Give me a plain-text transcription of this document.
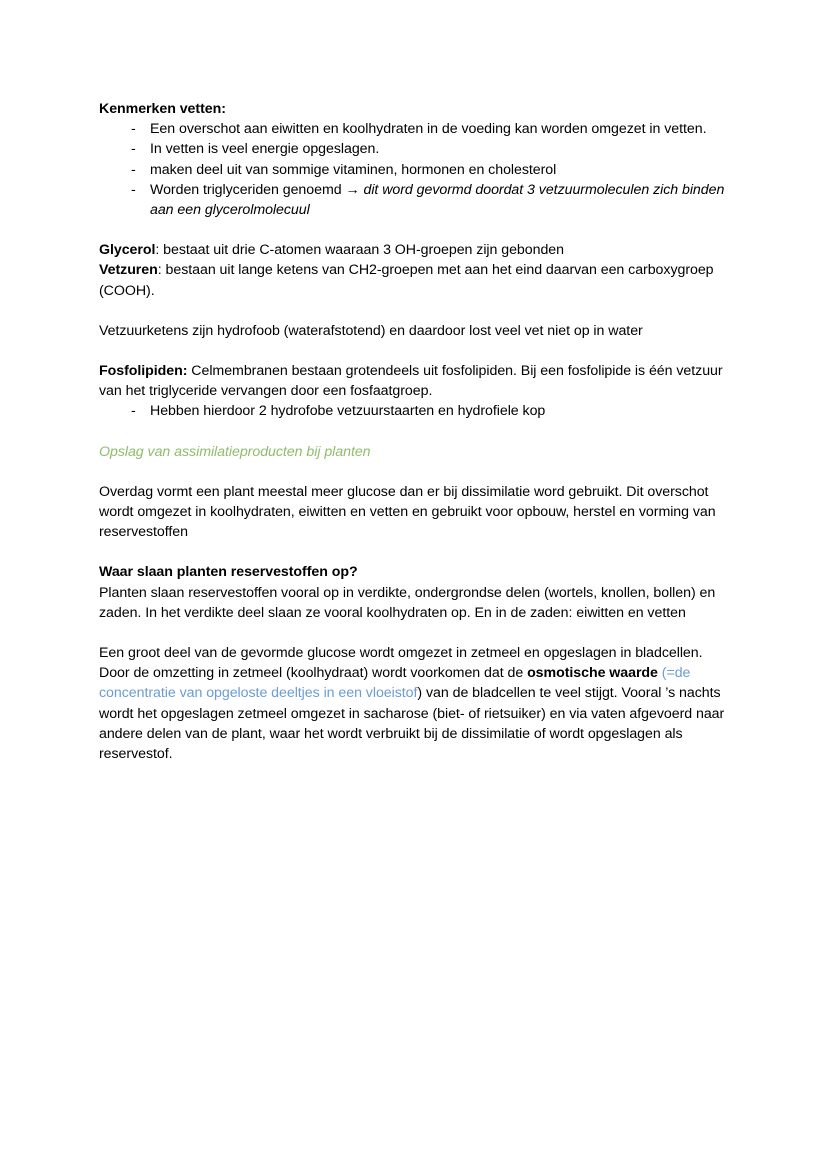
Kenmerken vetten:

-	Een overschot aan eiwitten en koolhydraten in de voeding kan worden omgezet in vetten.
-	In vetten is veel energie opgeslagen.
-	maken deel uit van sommige vitaminen, hormonen en cholesterol
-	Worden triglyceriden genoemd → dit word gevormd doordat 3 vetzuurmoleculen zich binden aan een glycerolmolecuul

Glycerol: bestaat uit drie C-atomen waaraan 3 OH-groepen zijn gebonden

Vetzuren: bestaan uit lange ketens van CH2-groepen met aan het eind daarvan een carboxygroep (COOH).

Vetzuurketens zijn hydrofoob (waterafstotend) en daardoor lost veel vet niet op in water

Fosfolipiden: Celmembranen bestaan grotendeels uit fosfolipiden. Bij een fosfolipide is één vetzuur van het triglyceride vervangen door een fosfaatgroep.

-	Hebben hierdoor 2 hydrofobe vetzuurstaarten en hydrofiele kop

Opslag van assimilatieproducten bij planten

Overdag vormt een plant meestal meer glucose dan er bij dissimilatie word gebruikt. Dit overschot wordt omgezet in koolhydraten, eiwitten en vetten en gebruikt voor opbouw, herstel en vorming van reservestoffen

Waar slaan planten reservestoffen op?

Planten slaan reservestoffen vooral op in verdikte, ondergrondse delen (wortels, knollen, bollen) en zaden. In het verdikte deel slaan ze vooral koolhydraten op. En in de zaden: eiwitten en vetten

Een groot deel van de gevormde glucose wordt omgezet in zetmeel en opgeslagen in bladcellen. Door de omzetting in zetmeel (koolhydraat) wordt voorkomen dat de osmotische waarde (=de concentratie van opgeloste deeltjes in een vloeistof) van de bladcellen te veel stijgt. Vooral ’s nachts wordt het opgeslagen zetmeel omgezet in sacharose (biet- of rietsuiker) en via vaten afgevoerd naar andere delen van de plant, waar het wordt verbruikt bij de dissimilatie of wordt opgeslagen als reservestof.
